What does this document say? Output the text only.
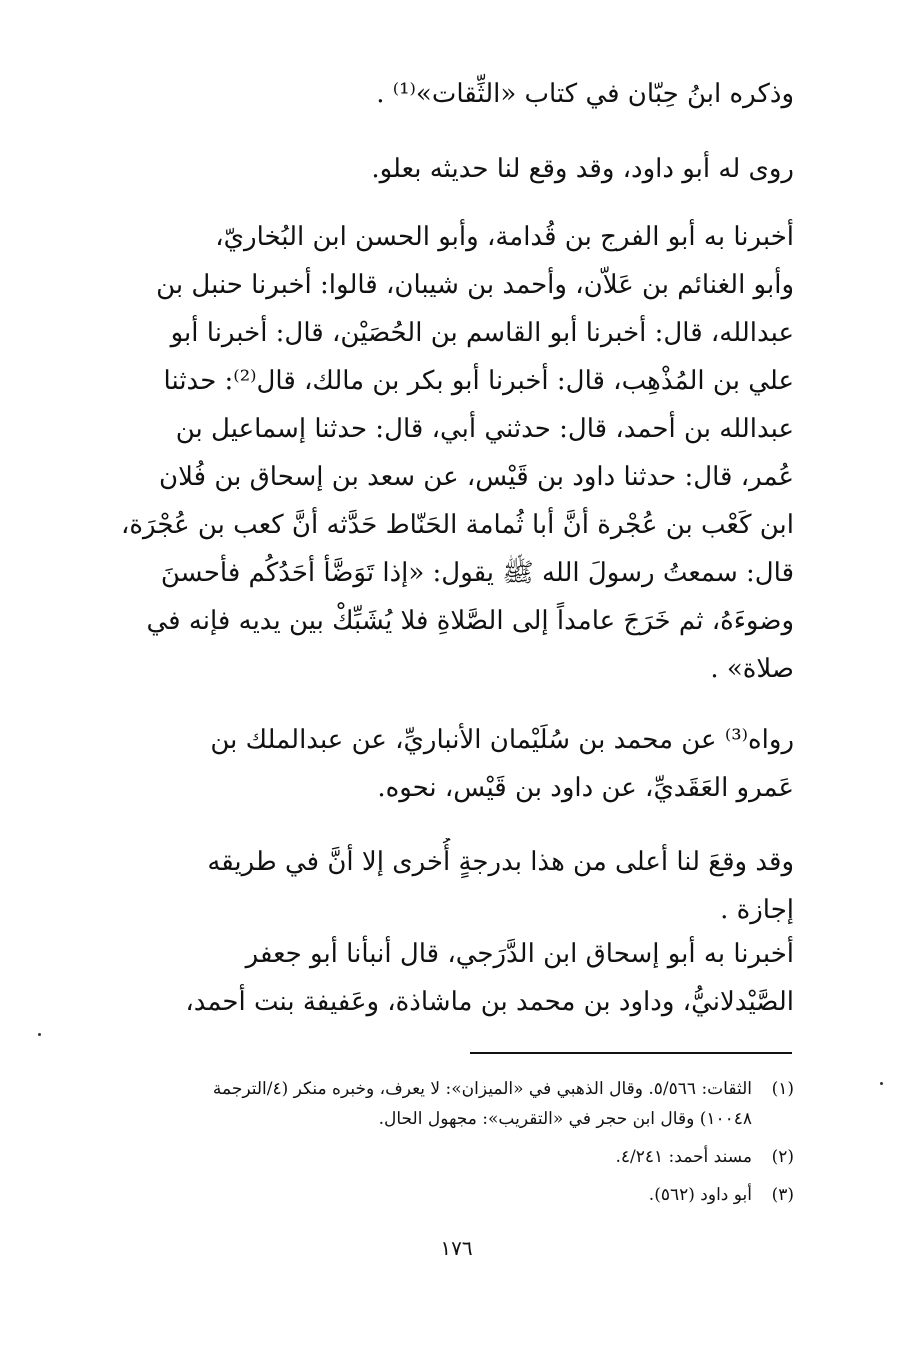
وذكره ابنُ حِبّان في كتاب «الثِّقات»⁽¹⁾ .
روى له أبو داود، وقد وقع لنا حديثه بعلو.
أخبرنا به أبو الفرج بن قُدامة، وأبو الحسن ابن البُخاريّ،
وأبو الغنائم بن عَلاّن، وأحمد بن شيبان، قالوا: أخبرنا حنبل بن
عبدالله، قال: أخبرنا أبو القاسم بن الحُصَيْن، قال: أخبرنا أبو
علي بن المُذْهِب، قال: أخبرنا أبو بكر بن مالك، قال⁽²⁾: حدثنا
عبدالله بن أحمد، قال: حدثني أبي، قال: حدثنا إسماعيل بن
عُمر، قال: حدثنا داود بن قَيْس، عن سعد بن إسحاق بن فُلان
ابن كَعْب بن عُجْرة أنَّ أبا ثُمامة الحَنّاط حَدَّثه أنَّ كعب بن عُجْرَة،
قال: سمعتُ رسولَ الله ﷺ يقول: «إذا تَوَضَّأ أحَدُكُم فأحسنَ
وضوءَهُ، ثم خَرَجَ عامداً إلى الصَّلاةِ فلا يُشَبِّكْ بين يديه فإنه في
صلاة» .
رواه⁽³⁾ عن محمد بن سُلَيْمان الأنباريِّ، عن عبدالملك بن
عَمرو العَقَديِّ، عن داود بن قَيْس، نحوه.
وقد وقعَ لنا أعلى من هذا بدرجةٍ أُخرى إلا أنَّ في طريقه
إجازة .
أخبرنا به أبو إسحاق ابن الدَّرَجي، قال أنبأنا أبو جعفر
الصَّيْدلانيُّ، وداود بن محمد بن ماشاذة، وعَفيفة بنت أحمد،
(١)الثقات: ٥/٥٦٦. وقال الذهبي في «الميزان»: لا يعرف، وخبره منكر (٤/الترجمة
١٠٠٤٨) وقال ابن حجر في «التقريب»: مجهول الحال.
(٢)مسند أحمد: ٤/٢٤١.
(٣)أبو داود (٥٦٢).
١٧٦
